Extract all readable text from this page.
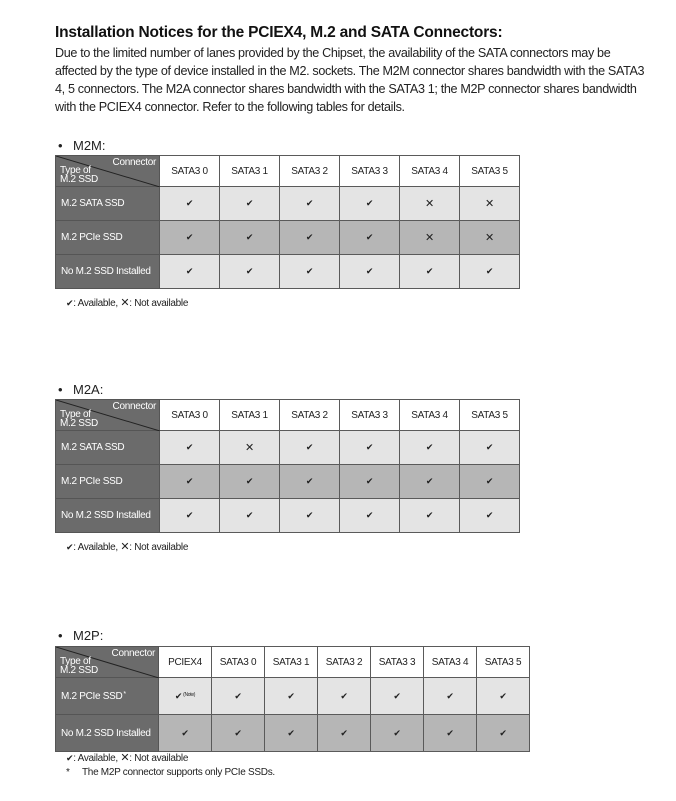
Installation Notices for the PCIEX4, M.2 and SATA Connectors:

Due to the limited number of lanes provided by the Chipset, the availability of the SATA connectors may be affected by the type of device installed in the M2. sockets. The M2M connector shares bandwidth with the SATA3 4, 5 connectors. The M2A connector shares bandwidth with the SATA3 1; the M2P connector shares bandwidth with the PCIEX4 connector. Refer to the following tables for details.

• M2M:

Connector
Type of
M.2 SSD	SATA3 0	SATA3 1	SATA3 2	SATA3 3	SATA3 4	SATA3 5
M.2 SATA SSD	✔	✔	✔	✔	✕	✕
M.2 PCIe SSD	✔	✔	✔	✔	✕	✕
No M.2 SSD Installed	✔	✔	✔	✔	✔	✔

✔: Available, ✕: Not available

• M2A:

Connector
Type of
M.2 SSD	SATA3 0	SATA3 1	SATA3 2	SATA3 3	SATA3 4	SATA3 5
M.2 SATA SSD	✔	✕	✔	✔	✔	✔
M.2 PCIe SSD	✔	✔	✔	✔	✔	✔
No M.2 SSD Installed	✔	✔	✔	✔	✔	✔

✔: Available, ✕: Not available

• M2P:

Connector
Type of
M.2 SSD	PCIEX4	SATA3 0	SATA3 1	SATA3 2	SATA3 3	SATA3 4	SATA3 5
M.2 PCIe SSD*	✔$^{(Note)}$	✔	✔	✔	✔	✔	✔
No M.2 SSD Installed	✔	✔	✔	✔	✔	✔	✔

✔: Available, ✕: Not available

* The M2P connector supports only PCIe SSDs.
